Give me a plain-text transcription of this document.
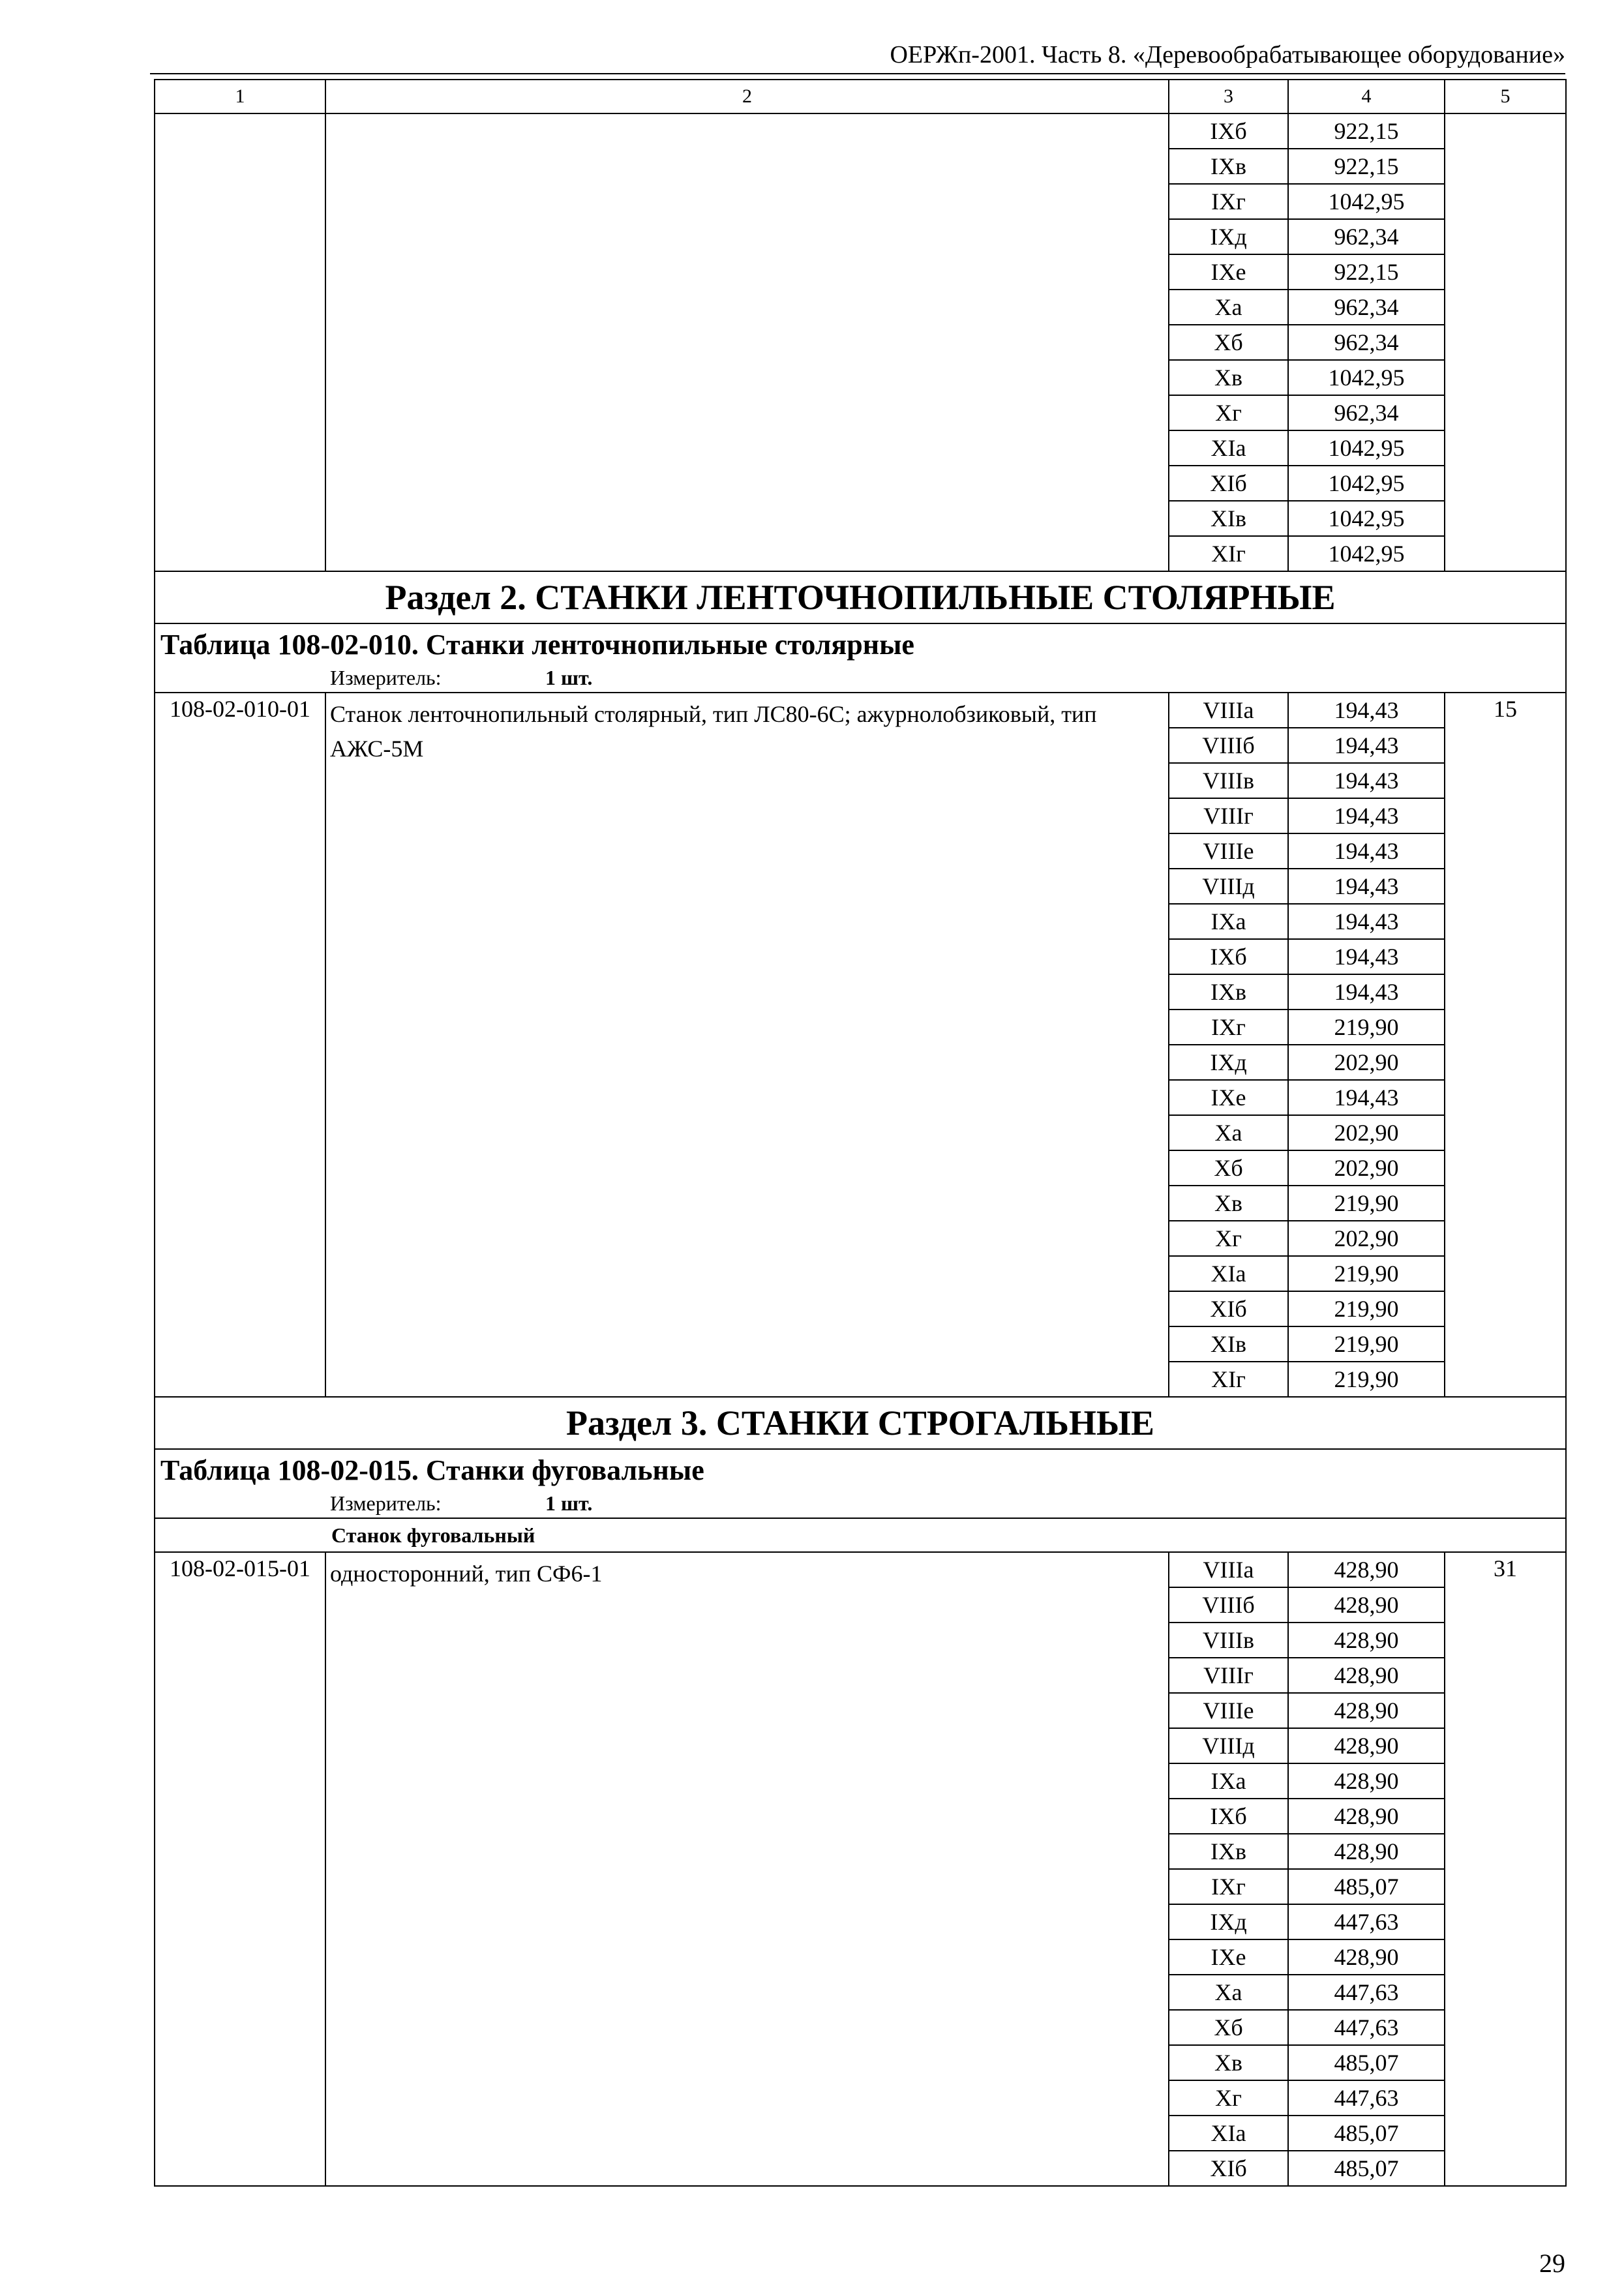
ОЕРЖп-2001. Часть 8. «Деревообрабатывающее оборудование»
1	2	3	4	5
		IXб	922,15	
		IXв	922,15	
		IXг	1042,95	
		IXд	962,34	
		IXе	922,15	
		Xа	962,34	
		Xб	962,34	
		Xв	1042,95	
		Xг	962,34	
		XIа	1042,95	
		XIб	1042,95	
		XIв	1042,95	
		XIг	1042,95	
Раздел 2. СТАНКИ ЛЕНТОЧНОПИЛЬНЫЕ СТОЛЯРНЫЕ				

Таблица 108-02-010. Станки ленточнопильные столярные
Измеритель: 1 шт.				

108-02-010-01	Станок ленточнопильный столярный, тип ЛС80-6С; ажурнолобзиковый, тип АЖС-5М	VIIIа	194,43	15
		VIIIб	194,43	
		VIIIв	194,43	
		VIIIг	194,43	
		VIIIе	194,43	
		VIIIд	194,43	
		IXа	194,43	
		IXб	194,43	
		IXв	194,43	
		IXг	219,90	
		IXд	202,90	
		IXе	194,43	
		Xа	202,90	
		Xб	202,90	
		Xв	219,90	
		Xг	202,90	
		XIа	219,90	
		XIб	219,90	
		XIв	219,90	
		XIг	219,90	
Раздел 3. СТАНКИ СТРОГАЛЬНЫЕ				

Таблица 108-02-015. Станки фуговальные
Измеритель: 1 шт.				

Станок фуговальный				

108-02-015-01	односторонний, тип СФ6-1	VIIIа	428,90	31
		VIIIб	428,90	
		VIIIв	428,90	
		VIIIг	428,90	
		VIIIе	428,90	
		VIIIд	428,90	
		IXа	428,90	
		IXб	428,90	
		IXв	428,90	
		IXг	485,07	
		IXд	447,63	
		IXе	428,90	
		Xа	447,63	
		Xб	447,63	
		Xв	485,07	
		Xг	447,63	
		XIа	485,07	
		XIб	485,07	
29
